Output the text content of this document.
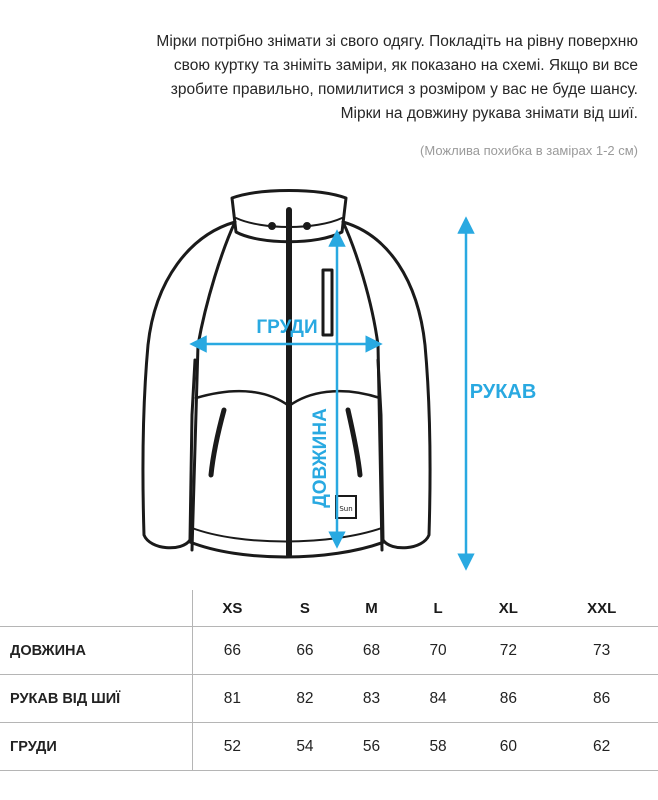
Мірки потрібно знімати зі свого одягу. Покладіть на рівну поверхню

свою куртку та зніміть заміри, як показано на схемі. Якщо ви все

зробите правильно, помилитися з розміром у вас не буде шансу.

Мірки на довжину рукава знімати від шиї.

(Можлива похибка в замірах 1-2 см)
Sun
ГРУДИ
ДОВЖИНА
РУКАВ
	XS	S	M	L	XL	XXL
ДОВЖИНА	66	66	68	70	72	73
РУКАВ ВІД ШИЇ	81	82	83	84	86	86
ГРУДИ	52	54	56	58	60	62
